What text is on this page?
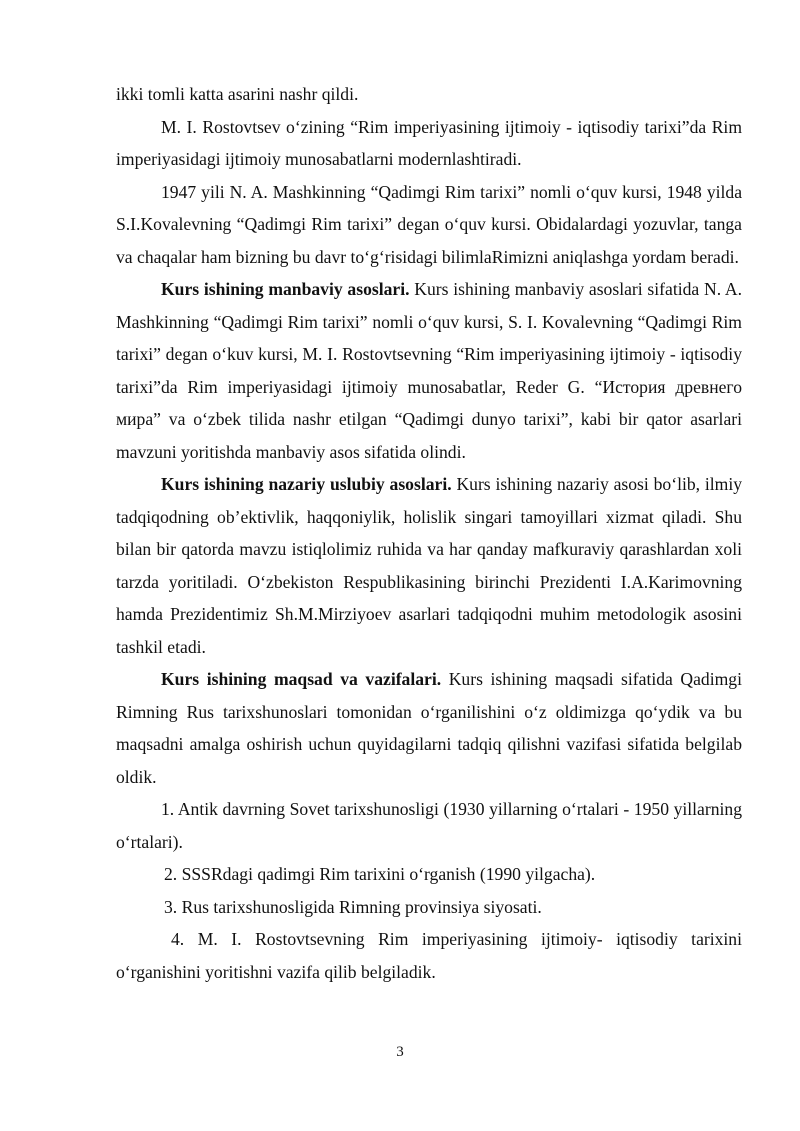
ikki tomli katta asarini nashr qildi.

M. I. Rostovtsev o‘zining “Rim imperiyasining ijtimoiy - iqtisodiy tarixi”da Rim imperiyasidagi ijtimoiy munosabatlarni modernlashtiradi.

1947 yili N. A. Mashkinning “Qadimgi Rim tarixi” nomli o‘quv kursi, 1948 yilda S.I.Kovalevning “Qadimgi Rim tarixi” degan o‘quv kursi. Obidalardagi yozuvlar, tanga va chaqalar ham bizning bu davr to‘g‘risidagi bilimlaRimizni aniqlashga yordam beradi.

Kurs ishining manbaviy asoslari. Kurs ishining manbaviy asoslari sifatida N. A. Mashkinning “Qadimgi Rim tarixi” nomli o‘quv kursi, S. I. Kovalevning “Qadimgi Rim tarixi” degan o‘kuv kursi, M. I. Rostovtsevning “Rim imperiyasining ijtimoiy - iqtisodiy tarixi”da Rim imperiyasidagi ijtimoiy munosabatlar, Reder G. “История древнего мира” va o‘zbek tilida nashr etilgan “Qadimgi dunyo tarixi”, kabi bir qator asarlari mavzuni yoritishda manbaviy asos sifatida olindi.

Kurs ishining nazariy uslubiy asoslari. Kurs ishining nazariy asosi bo‘lib, ilmiy tadqiqodning ob’ektivlik, haqqoniylik, holislik singari tamoyillari xizmat qiladi. Shu bilan bir qatorda mavzu istiqlolimiz ruhida va har qanday mafkuraviy qarashlardan xoli tarzda yoritiladi. O‘zbekiston Respublikasining birinchi Prezidenti I.A.Karimovning hamda Prezidentimiz Sh.M.Mirziyoev asarlari tadqiqodni muhim metodologik asosini tashkil etadi.

Kurs ishining maqsad va vazifalari. Kurs ishining maqsadi sifatida Qadimgi Rimning Rus tarixshunoslari tomonidan o‘rganilishini o‘z oldimizga qo‘ydik va bu maqsadni amalga oshirish uchun quyidagilarni tadqiq qilishni vazifasi sifatida belgilab oldik.

1. Antik davrning Sovet tarixshunosligi (1930 yillarning o‘rtalari - 1950 yillarning o‘rtalari).

2. SSSRdagi qadimgi Rim tarixini o‘rganish (1990 yilgacha).

3. Rus tarixshunosligida Rimning provinsiya siyosati.

4. M. I. Rostovtsevning Rim imperiyasining ijtimoiy- iqtisodiy tarixini o‘rganishini yoritishni vazifa qilib belgiladik.

3
